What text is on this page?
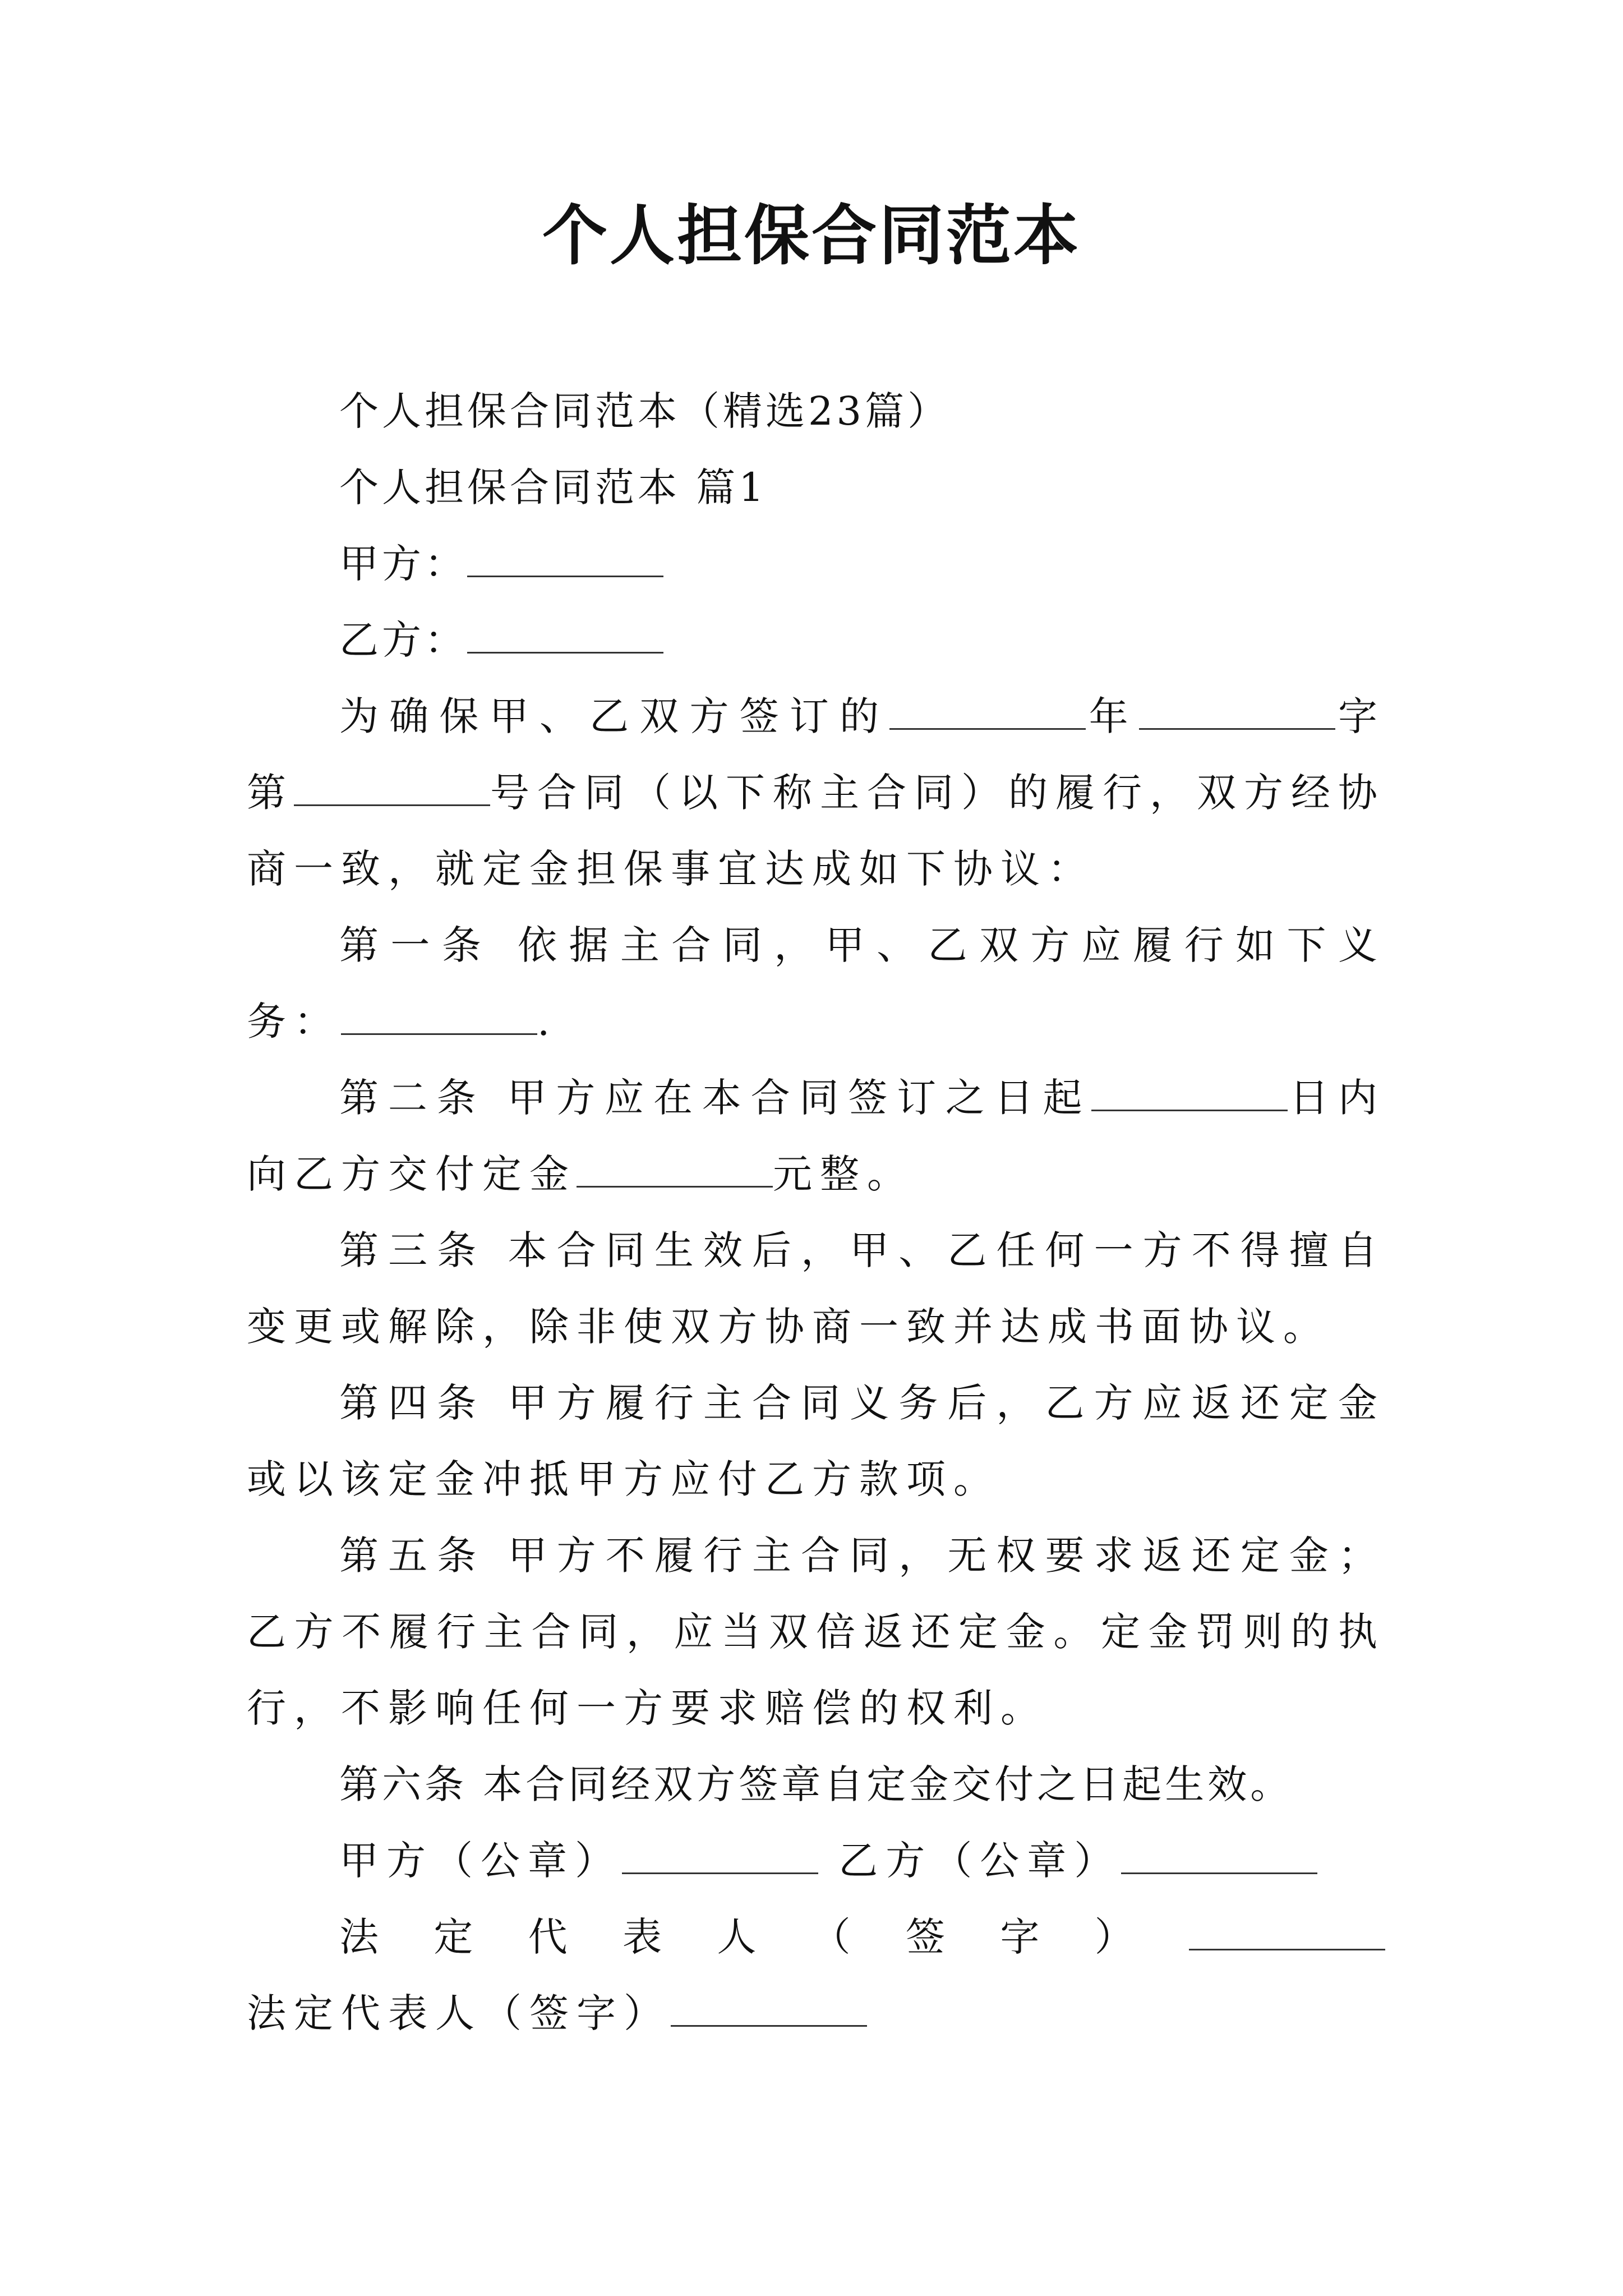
个人担保合同范本

个人担保合同范本（精选23篇）

个人担保合同范本 篇1

甲方：

乙方：

为确保甲、乙双方签订的	年	字第	号合同（以下称主合同）的履行，双方经协商一致，就定金担保事宜达成如下协议：

第一条 依据主合同，甲、乙双方应履行如下义务：	.

第二条 甲方应在本合同签订之日起	日内向乙方交付定金	元整。

第三条 本合同生效后，甲、乙任何一方不得擅自变更或解除，除非使双方协商一致并达成书面协议。

第四条 甲方履行主合同义务后，乙方应返还定金或以该定金冲抵甲方应付乙方款项。

第五条 甲方不履行主合同，无权要求返还定金；乙方不履行主合同，应当双倍返还定金。定金罚则的执行，不影响任何一方要求赔偿的权利。

第六条 本合同经双方签章自定金交付之日起生效。

甲方（公章）	乙方（公章）

法定代表人（签字） 法定代表人（签字）
